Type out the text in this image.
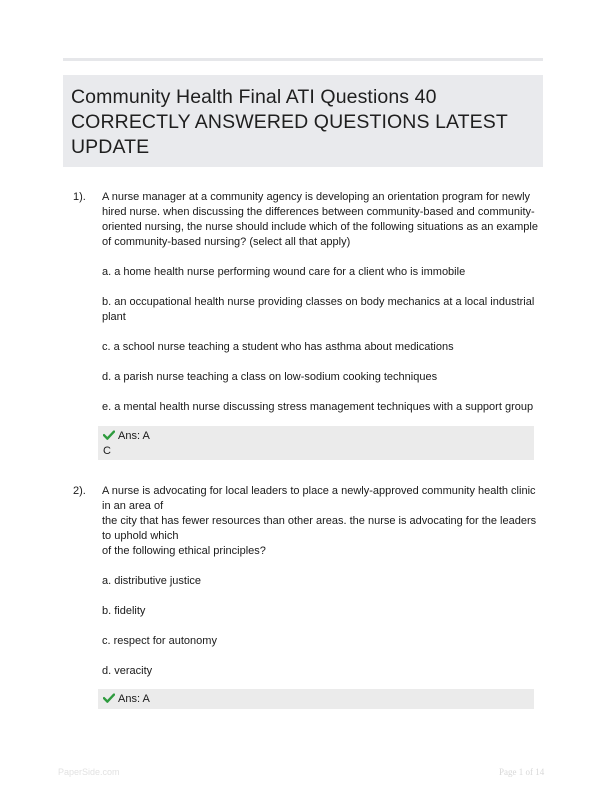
Community Health Final ATI Questions 40 CORRECTLY ANSWERED QUESTIONS LATEST UPDATE
1). A nurse manager at a community agency is developing an orientation program for newly hired nurse. when discussing the differences between community-based and community-oriented nursing, the nurse should include which of the following situations as an example of community-based nursing? (select all that apply)

a. a home health nurse performing wound care for a client who is immobile

b. an occupational health nurse providing classes on body mechanics at a local industrial plant

c. a school nurse teaching a student who has asthma about medications

d. a parish nurse teaching a class on low-sodium cooking techniques

e. a mental health nurse discussing stress management techniques with a support group

Ans: A
C
2). A nurse is advocating for local leaders to place a newly-approved community health clinic in an area of

the city that has fewer resources than other areas. the nurse is advocating for the leaders to uphold which

of the following ethical principles?

a. distributive justice

b. fidelity

c. respect for autonomy

d. veracity

Ans: A
PaperSide.com	Page 1 of 14
